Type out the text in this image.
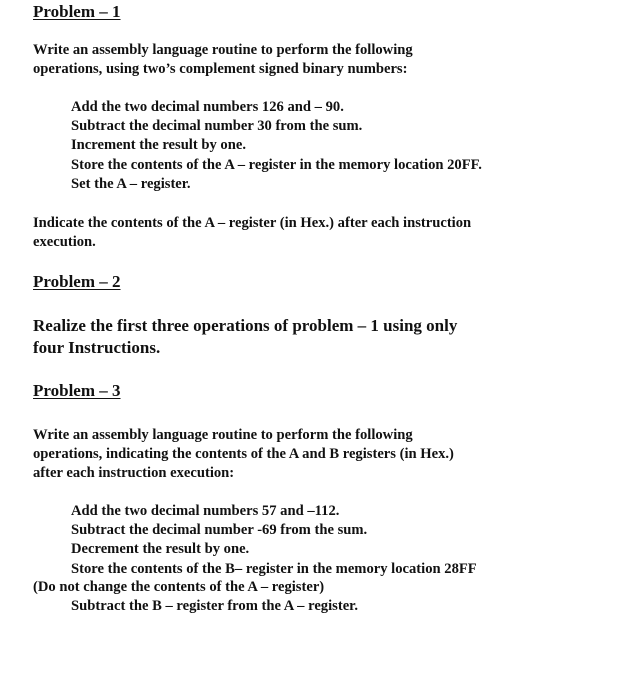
Problem – 1

Write an assembly language routine to perform the following
operations, using two’s complement signed binary numbers:

Add the two decimal numbers 126 and – 90.
Subtract the decimal number 30 from the sum.
Increment the result by one.
Store the contents of the A – register in the memory location 20FF.
Set the A – register.

Indicate the contents of the A – register (in Hex.) after each instruction
execution.

Problem – 2

Realize the first three operations of problem – 1 using only
four Instructions.

Problem – 3

Write an assembly language routine to perform the following
operations, indicating the contents of the A and B registers (in Hex.)
after each instruction execution:

Add the two decimal numbers 57 and –112.
Subtract the decimal number -69 from the sum.
Decrement the result by one.
Store the contents of the B– register in the memory location 28FF

(Do not change the contents of the A – register)

Subtract the B – register from the A – register.
